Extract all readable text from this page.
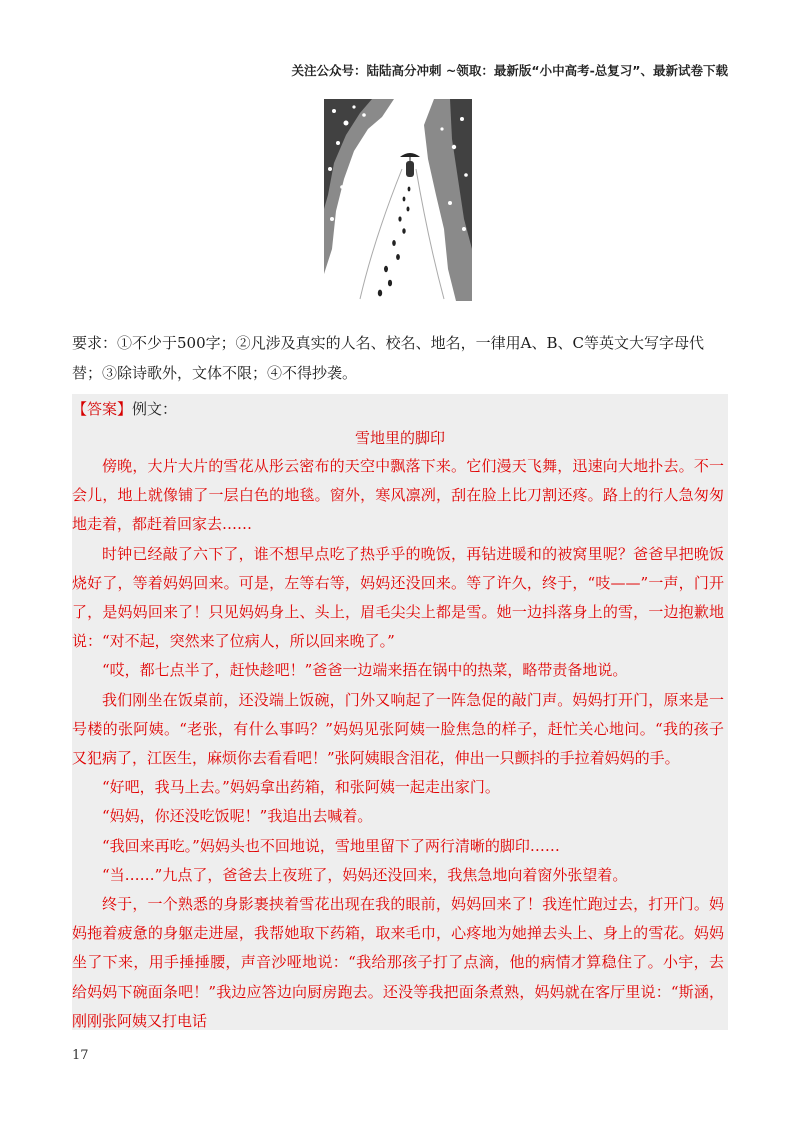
关注公众号：陆陆高分冲刺 ~领取：最新版“小中高考-总复习”、最新试卷下载
要求：①不少于500字；②凡涉及真实的人名、校名、地名，一律用A、B、C等英文大写字母代替；③除诗歌外，文体不限；④不得抄袭。
【答案】例文：
雪地里的脚印

傍晚，大片大片的雪花从彤云密布的天空中飘落下来。它们漫天飞舞，迅速向大地扑去。不一会儿，地上就像铺了一层白色的地毯。窗外，寒风凛冽，刮在脸上比刀割还疼。路上的行人急匆匆地走着，都赶着回家去……

时钟已经敲了六下了，谁不想早点吃了热乎乎的晚饭，再钻进暖和的被窝里呢？爸爸早把晚饭烧好了，等着妈妈回来。可是，左等右等，妈妈还没回来。等了许久，终于，“吱——”一声，门开了，是妈妈回来了！只见妈妈身上、头上，眉毛尖尖上都是雪。她一边抖落身上的雪，一边抱歉地说：“对不起，突然来了位病人，所以回来晚了。”

“哎，都七点半了，赶快趁吧！”爸爸一边端来捂在锅中的热菜，略带责备地说。

我们刚坐在饭桌前，还没端上饭碗，门外又响起了一阵急促的敲门声。妈妈打开门，原来是一号楼的张阿姨。“老张，有什么事吗？”妈妈见张阿姨一脸焦急的样子，赶忙关心地问。“我的孩子又犯病了，江医生，麻烦你去看看吧！”张阿姨眼含泪花，伸出一只颤抖的手拉着妈妈的手。

“好吧，我马上去。”妈妈拿出药箱，和张阿姨一起走出家门。

“妈妈，你还没吃饭呢！”我追出去喊着。

“我回来再吃。”妈妈头也不回地说，雪地里留下了两行清晰的脚印……

“当……”九点了，爸爸去上夜班了，妈妈还没回来，我焦急地向着窗外张望着。

终于，一个熟悉的身影裹挟着雪花出现在我的眼前，妈妈回来了！我连忙跑过去，打开门。妈妈拖着疲惫的身躯走进屋，我帮她取下药箱，取来毛巾，心疼地为她掸去头上、身上的雪花。妈妈坐了下来，用手捶捶腰，声音沙哑地说：“我给那孩子打了点滴，他的病情才算稳住了。小宇，去给妈妈下碗面条吧！”我边应答边向厨房跑去。还没等我把面条煮熟，妈妈就在客厅里说：“斯涵，刚刚张阿姨又打电话

17
